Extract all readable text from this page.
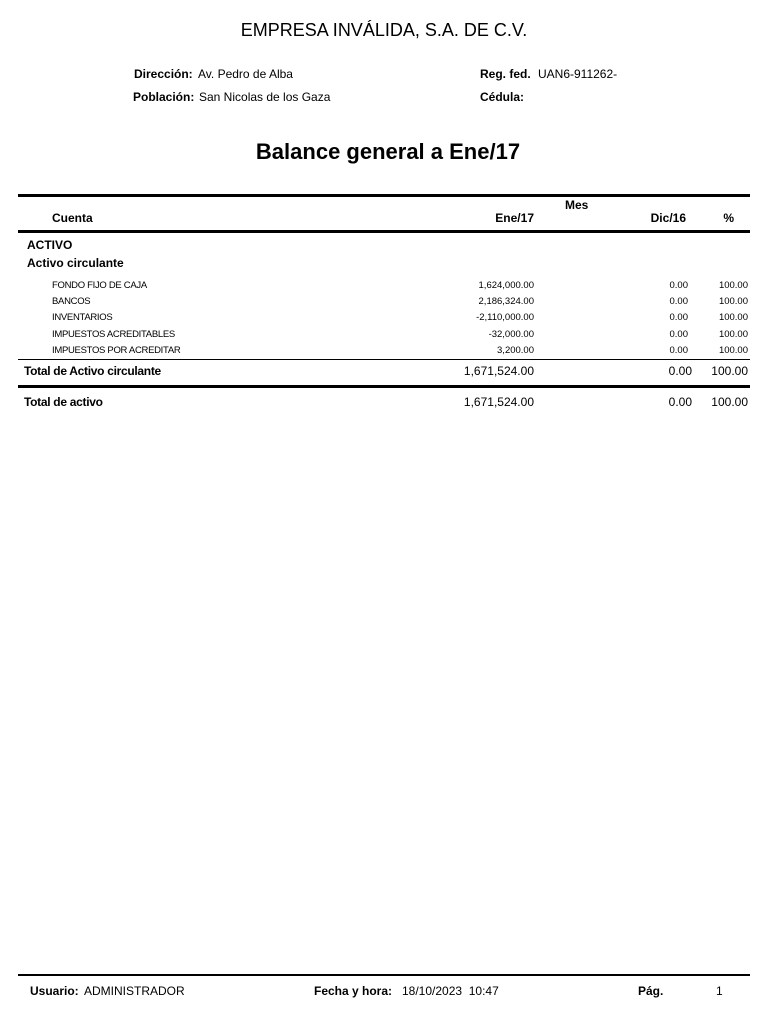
EMPRESA INVÁLIDA, S.A. DE C.V.
Dirección: Av. Pedro de Alba
Población: San Nicolas de los Gaza
Reg. fed. UAN6-911262-
Cédula:
Balance general a Ene/17
Mes
Cuenta	Ene/17	Dic/16	%
ACTIVO
Activo circulante
FONDO FIJO DE CAJA	1,624,000.00	0.00	100.00
BANCOS	2,186,324.00	0.00	100.00
INVENTARIOS	-2,110,000.00	0.00	100.00
IMPUESTOS ACREDITABLES	-32,000.00	0.00	100.00
IMPUESTOS POR ACREDITAR	3,200.00	0.00	100.00
Total de Activo circulante	1,671,524.00	0.00 100.00
Total de activo	1,671,524.00	0.00 100.00
Usuario: ADMINISTRADOR	Fecha y hora: 18/10/2023  10:47	Pág.	1
